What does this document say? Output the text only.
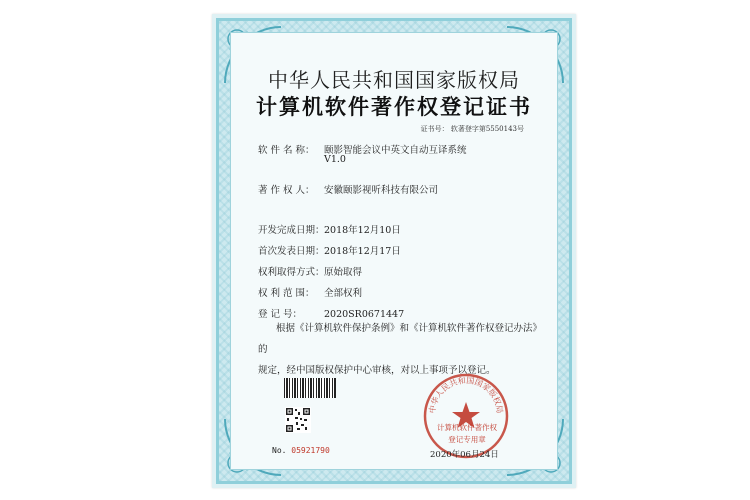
中华人民共和国国家版权局
计算机软件著作权登记证书
证书号： 软著登字第5550143号
软 件 名 称： 颐影智能会议中英文自动互译系统
V1.0
著 作 权 人： 安徽颐影视听科技有限公司
开发完成日期：2018年12月10日
首次发表日期：2018年12月17日
权利取得方式：原始取得
权 利 范 围： 全部权利
登 记 号： 2020SR0671447
根据《计算机软件保护条例》和《计算机软件著作权登记办法》的
规定，经中国版权保护中心审核，对以上事项予以登记。
No. 05921790
中华人民共和国国家版权局
计算机软件著作权
登记专用章
2020年06月24日
